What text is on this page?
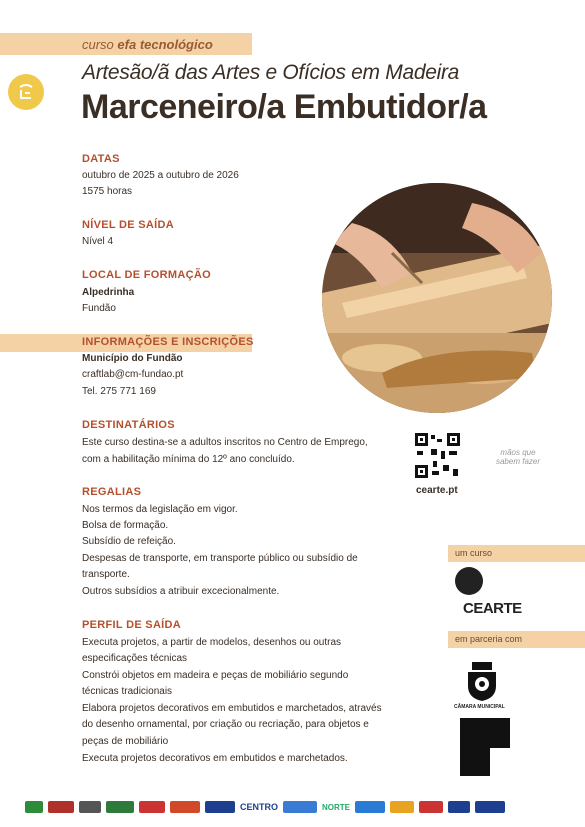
curso efa tecnológico
Artesão/ã das Artes e Ofícios em Madeira
Marceneiro/a Embutidor/a
DATAS
outubro de 2025 a outubro de 2026
1575 horas
NÍVEL DE SAÍDA
Nível 4
LOCAL DE FORMAÇÃO
Alpedrinha
Fundão
INFORMAÇÕES E INSCRIÇÕES
Município do Fundão
craftlab@cm-fundao.pt
Tel. 275 771 169
DESTINATÁRIOS
Este curso destina-se a adultos inscritos no Centro de Emprego,
com a habilitação mínima do 12º ano concluído.
REGALIAS
Nos termos da legislação em vigor.
Bolsa de formação.
Subsídio de refeição.
Despesas de transporte, em transporte público ou subsídio de
transporte.
Outros subsídios a atribuir excecionalmente.
PERFIL DE SAÍDA
Executa projetos, a partir de modelos, desenhos ou outras
especificações técnicas
Constrói objetos em madeira e peças de mobiliário segundo
técnicas tradicionais
Elabora projetos decorativos em embutidos e marchetados, através
do desenho ornamental, por criação ou recriação, para objetos e
peças de mobiliário
Executa projetos decorativos em embutidos e marchetados.
cearte.pt
mãos que sabem fazer
um curso
CEARTE
em parceria com
CÂMARA MUNICIPAL
CENTRO	NORTE
